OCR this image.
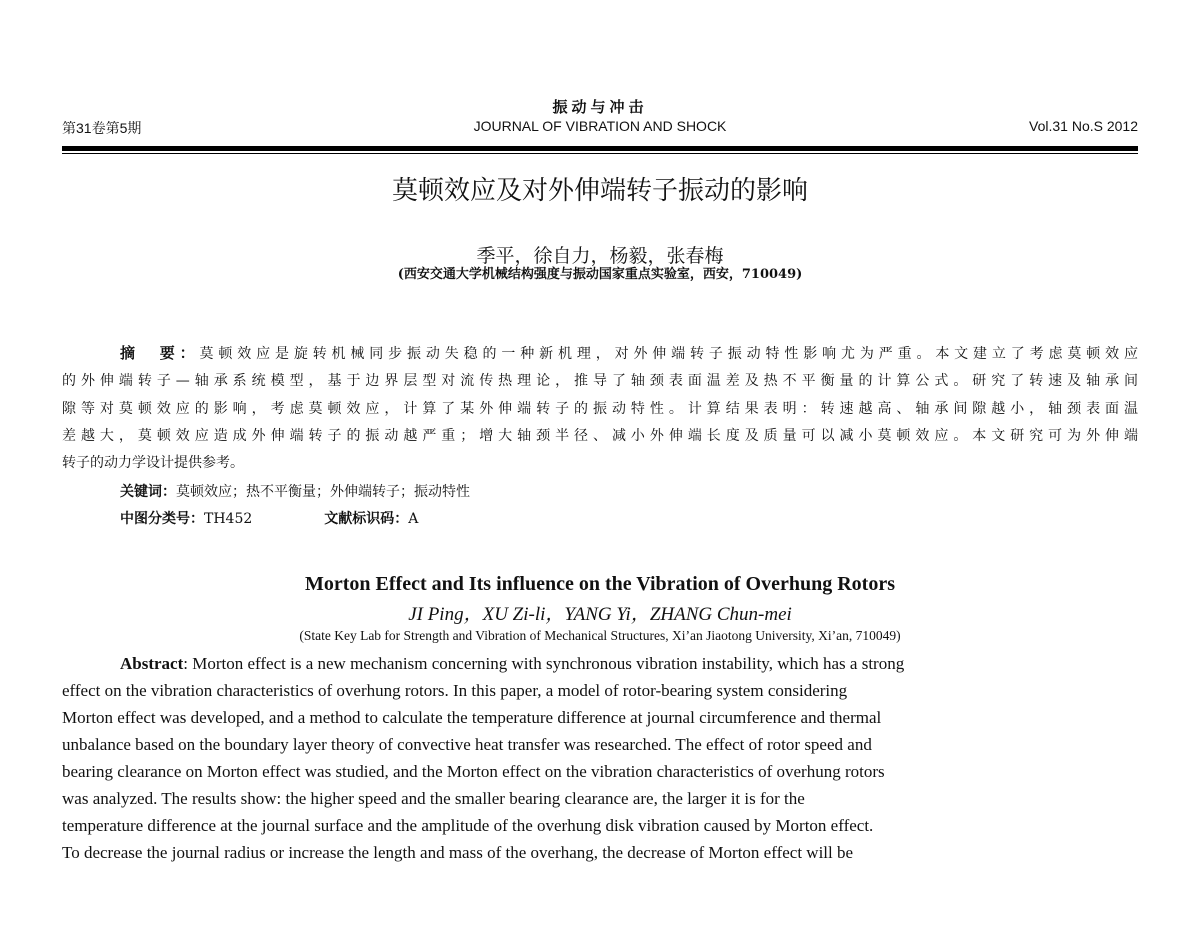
振动与冲击
第31卷第5期	JOURNAL OF VIBRATION AND SHOCK	Vol.31 No.S 2012
莫顿效应及对外伸端转子振动的影响
季平，徐自力，杨毅，张春梅
(西安交通大学机械结构强度与振动国家重点实验室，西安，710049)
摘　要：莫顿效应是旋转机械同步振动失稳的一种新机理，对外伸端转子振动特性影响尤为严重。本文建立了考虑莫顿效应
的外伸端转子—轴承系统模型，基于边界层型对流传热理论，推导了轴颈表面温差及热不平衡量的计算公式。研究了转速及轴承间
隙等对莫顿效应的影响，考虑莫顿效应，计算了某外伸端转子的振动特性。计算结果表明：转速越高、轴承间隙越小，轴颈表面温
差越大，莫顿效应造成外伸端转子的振动越严重；增大轴颈半径、减小外伸端长度及质量可以减小莫顿效应。本文研究可为外伸端
转子的动力学设计提供参考。
关键词：莫顿效应；热不平衡量；外伸端转子；振动特性
中图分类号：TH452	文献标识码：A
Morton Effect and Its influence on the Vibration of Overhung Rotors
JI Ping，XU Zi-li，YANG Yi，ZHANG Chun-mei
(State Key Lab for Strength and Vibration of Mechanical Structures, Xi’an Jiaotong University, Xi’an, 710049)
Abstract: Morton effect is a new mechanism concerning with synchronous vibration instability, which has a strong
effect on the vibration characteristics of overhung rotors. In this paper, a model of rotor-bearing system considering
Morton effect was developed, and a method to calculate the temperature difference at journal circumference and thermal
unbalance based on the boundary layer theory of convective heat transfer was researched. The effect of rotor speed and
bearing clearance on Morton effect was studied, and the Morton effect on the vibration characteristics of overhung rotors
was analyzed. The results show: the higher speed and the smaller bearing clearance are, the larger it is for the
temperature difference at the journal surface and the amplitude of the overhung disk vibration caused by Morton effect.
To decrease the journal radius or increase the length and mass of the overhang, the decrease of Morton effect will be
